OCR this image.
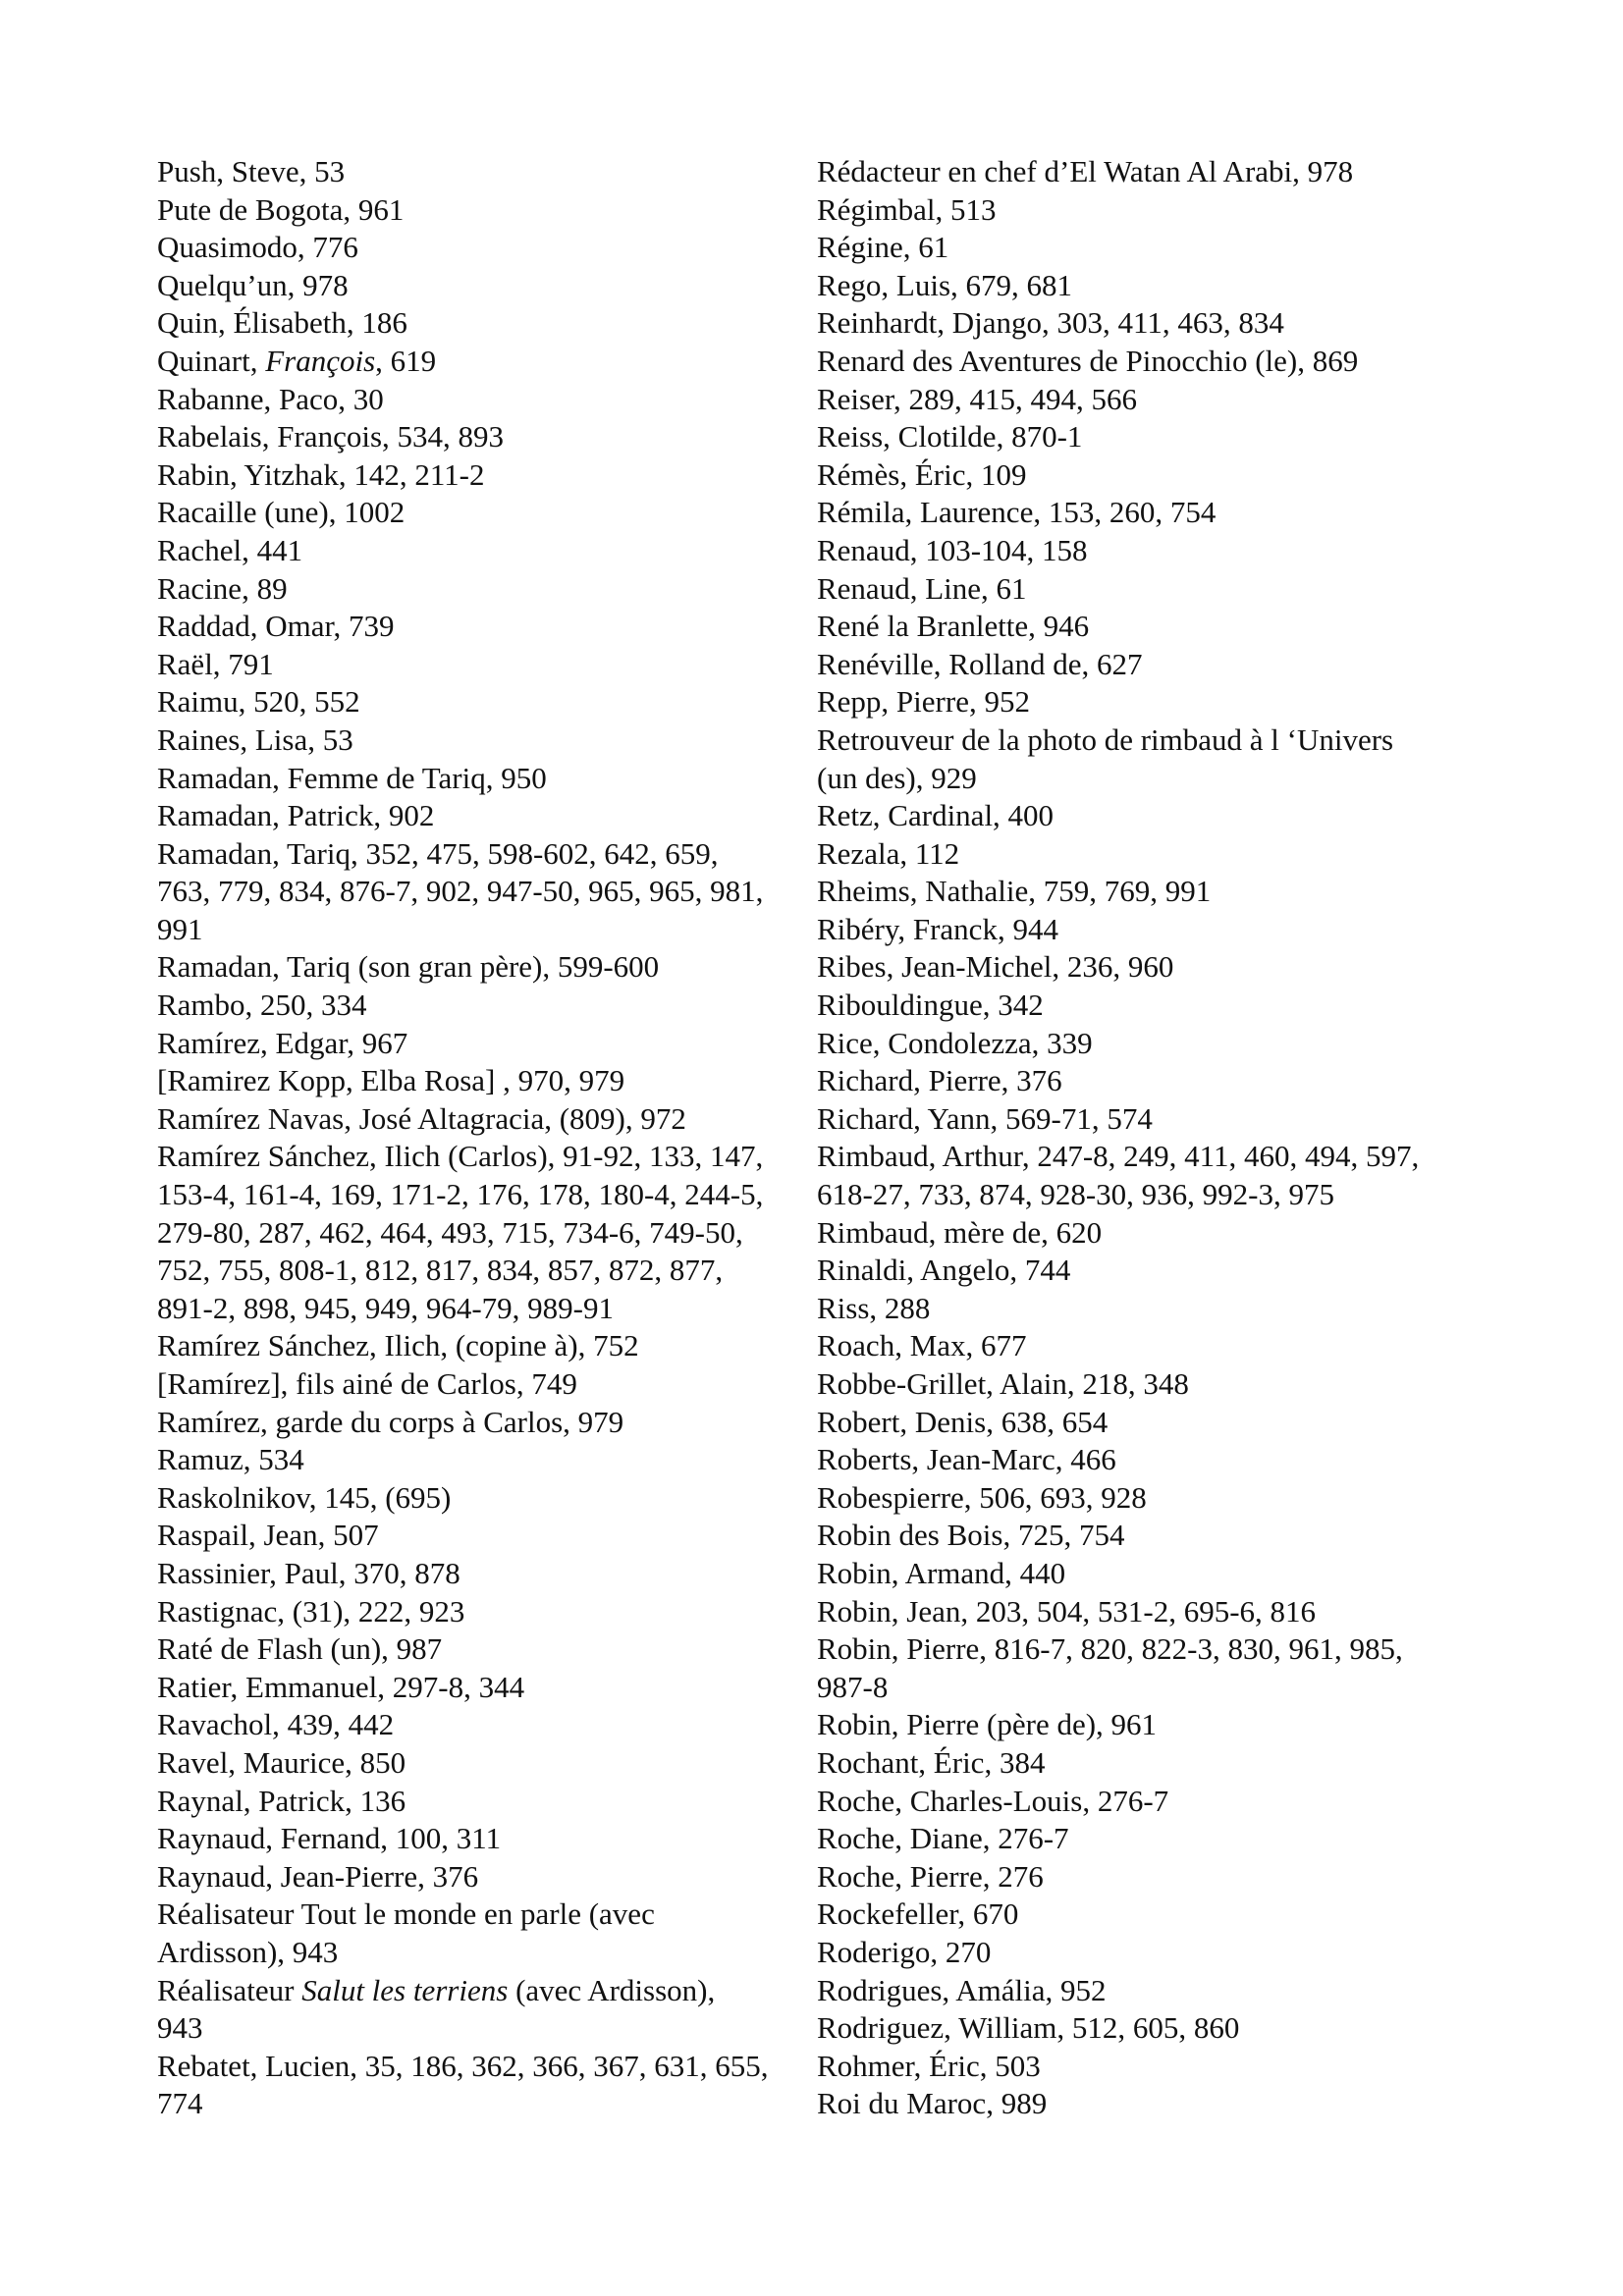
Push, Steve, 53
Pute de Bogota, 961
Quasimodo, 776
Quelqu’un, 978
Quin, Élisabeth, 186
Quinart, François, 619
Rabanne, Paco, 30
Rabelais, François, 534, 893
Rabin, Yitzhak, 142, 211-2
Racaille (une), 1002
Rachel, 441
Racine, 89
Raddad, Omar, 739
Raël, 791
Raimu, 520, 552
Raines, Lisa, 53
Ramadan, Femme de Tariq, 950
Ramadan, Patrick, 902
Ramadan, Tariq, 352, 475, 598-602, 642, 659,
763, 779, 834, 876-7, 902, 947-50, 965, 965, 981,
991
Ramadan, Tariq (son gran père), 599-600
Rambo, 250, 334
Ramírez, Edgar, 967
[Ramirez Kopp, Elba Rosa] , 970, 979
Ramírez Navas, José Altagracia, (809), 972
Ramírez Sánchez, Ilich (Carlos), 91-92, 133, 147,
153-4, 161-4, 169, 171-2, 176, 178, 180-4, 244-5,
279-80, 287, 462, 464, 493, 715, 734-6, 749-50,
752, 755, 808-1, 812, 817, 834, 857, 872, 877,
891-2, 898, 945, 949, 964-79, 989-91
Ramírez Sánchez, Ilich, (copine à), 752
[Ramírez], fils ainé de Carlos, 749
Ramírez, garde du corps à Carlos, 979
Ramuz, 534
Raskolnikov, 145, (695)
Raspail, Jean, 507
Rassinier, Paul, 370, 878
Rastignac, (31), 222, 923
Raté de Flash (un), 987
Ratier, Emmanuel, 297-8, 344
Ravachol, 439, 442
Ravel, Maurice, 850
Raynal, Patrick, 136
Raynaud, Fernand, 100, 311
Raynaud, Jean-Pierre, 376
Réalisateur Tout le monde en parle (avec
Ardisson), 943
Réalisateur Salut les terriens (avec Ardisson),
943
Rebatet, Lucien, 35, 186, 362, 366, 367, 631, 655,
774
Rédacteur en chef d’El Watan Al Arabi, 978
Régimbal, 513
Régine, 61
Rego, Luis, 679, 681
Reinhardt, Django, 303, 411, 463, 834
Renard des Aventures de Pinocchio (le), 869
Reiser, 289, 415, 494, 566
Reiss, Clotilde, 870-1
Rémès, Éric, 109
Rémila, Laurence, 153, 260, 754
Renaud, 103-104, 158
Renaud, Line, 61
René la Branlette, 946
Renéville, Rolland de, 627
Repp, Pierre, 952
Retrouveur de la photo de rimbaud à l ‘Univers
(un des), 929
Retz, Cardinal, 400
Rezala, 112
Rheims, Nathalie, 759, 769, 991
Ribéry, Franck, 944
Ribes, Jean-Michel, 236, 960
Ribouldingue, 342
Rice, Condolezza, 339
Richard, Pierre, 376
Richard, Yann, 569-71, 574
Rimbaud, Arthur, 247-8, 249, 411, 460, 494, 597,
618-27, 733, 874, 928-30, 936, 992-3, 975
Rimbaud, mère de, 620
Rinaldi, Angelo, 744
Riss, 288
Roach, Max, 677
Robbe-Grillet, Alain, 218, 348
Robert, Denis, 638, 654
Roberts, Jean-Marc, 466
Robespierre, 506, 693, 928
Robin des Bois, 725, 754
Robin, Armand, 440
Robin, Jean, 203, 504, 531-2, 695-6, 816
Robin, Pierre, 816-7, 820, 822-3, 830, 961, 985,
987-8
Robin, Pierre (père de), 961
Rochant, Éric, 384
Roche, Charles-Louis, 276-7
Roche, Diane, 276-7
Roche, Pierre, 276
Rockefeller, 670
Roderigo, 270
Rodrigues, Amália, 952
Rodriguez, William, 512, 605, 860
Rohmer, Éric, 503
Roi du Maroc, 989
